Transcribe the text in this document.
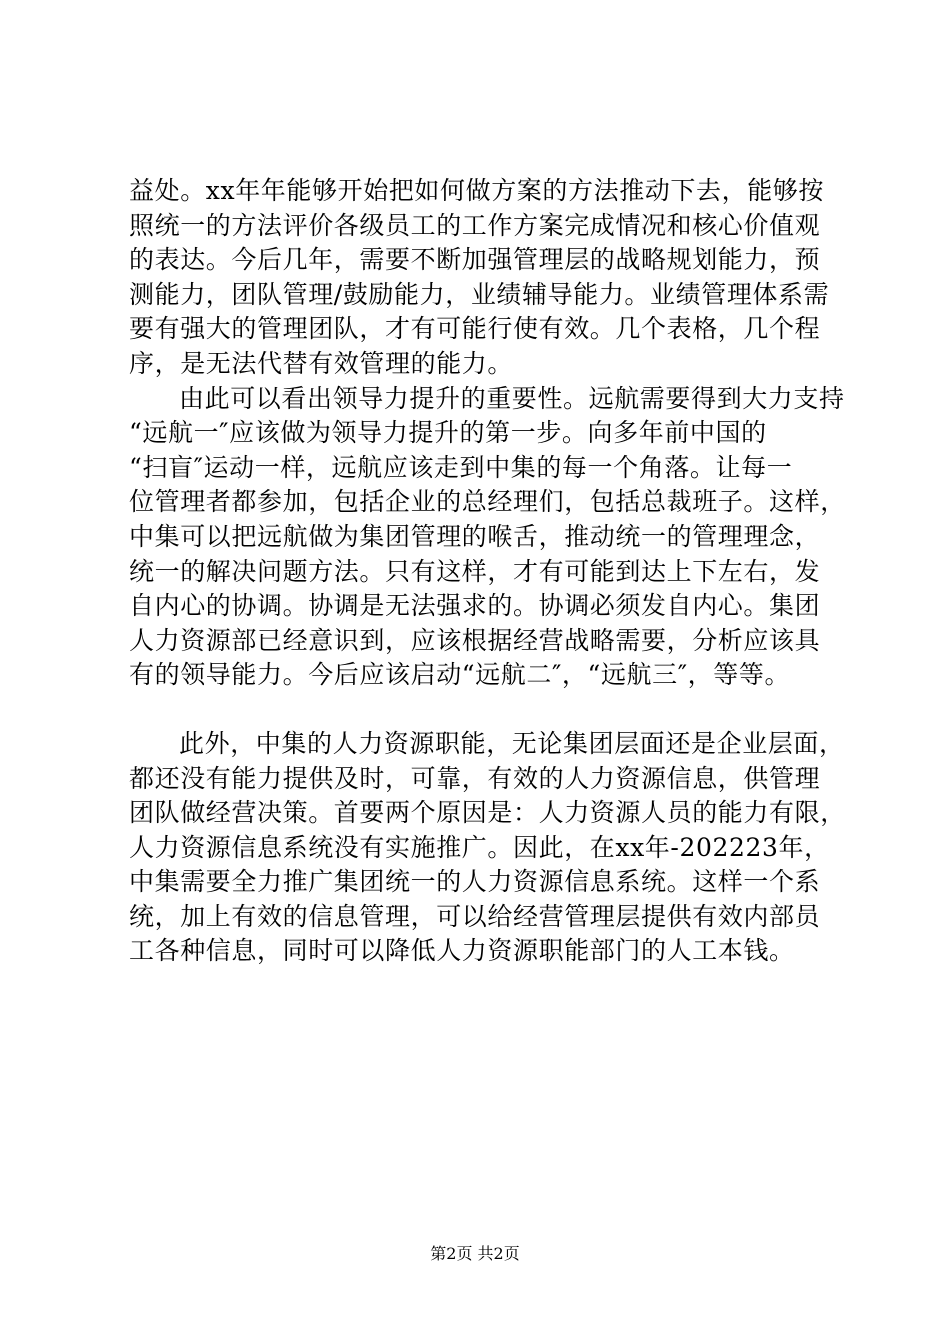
益处。xx年年能够开始把如何做方案的方法推动下去，能够按
照统一的方法评价各级员工的工作方案完成情况和核心价值观
的表达。今后几年，需要不断加强管理层的战略规划能力，预
测能力，团队管理/鼓励能力，业绩辅导能力。业绩管理体系需
要有强大的管理团队，才有可能行使有效。几个表格，几个程
序，是无法代替有效管理的能力。
由此可以看出领导力提升的重要性。远航需要得到大力支持
“远航一″应该做为领导力提升的第一步。向多年前中国的
“扫盲″运动一样，远航应该走到中集的每一个角落。让每一
位管理者都参加，包括企业的总经理们，包括总裁班子。这样，
中集可以把远航做为集团管理的喉舌，推动统一的管理理念，
统一的解决问题方法。只有这样，才有可能到达上下左右，发
自内心的协调。协调是无法强求的。协调必须发自内心。集团
人力资源部已经意识到，应该根据经营战略需要，分析应该具
有的领导能力。今后应该启动“远航二″，“远航三″，等等。
此外，中集的人力资源职能，无论集团层面还是企业层面，
都还没有能力提供及时，可靠，有效的人力资源信息，供管理
团队做经营决策。首要两个原因是：人力资源人员的能力有限，
人力资源信息系统没有实施推广。因此，在xx年-202223年，
中集需要全力推广集团统一的人力资源信息系统。这样一个系
统，加上有效的信息管理，可以给经营管理层提供有效内部员
工各种信息，同时可以降低人力资源职能部门的人工本钱。
第2页 共2页
